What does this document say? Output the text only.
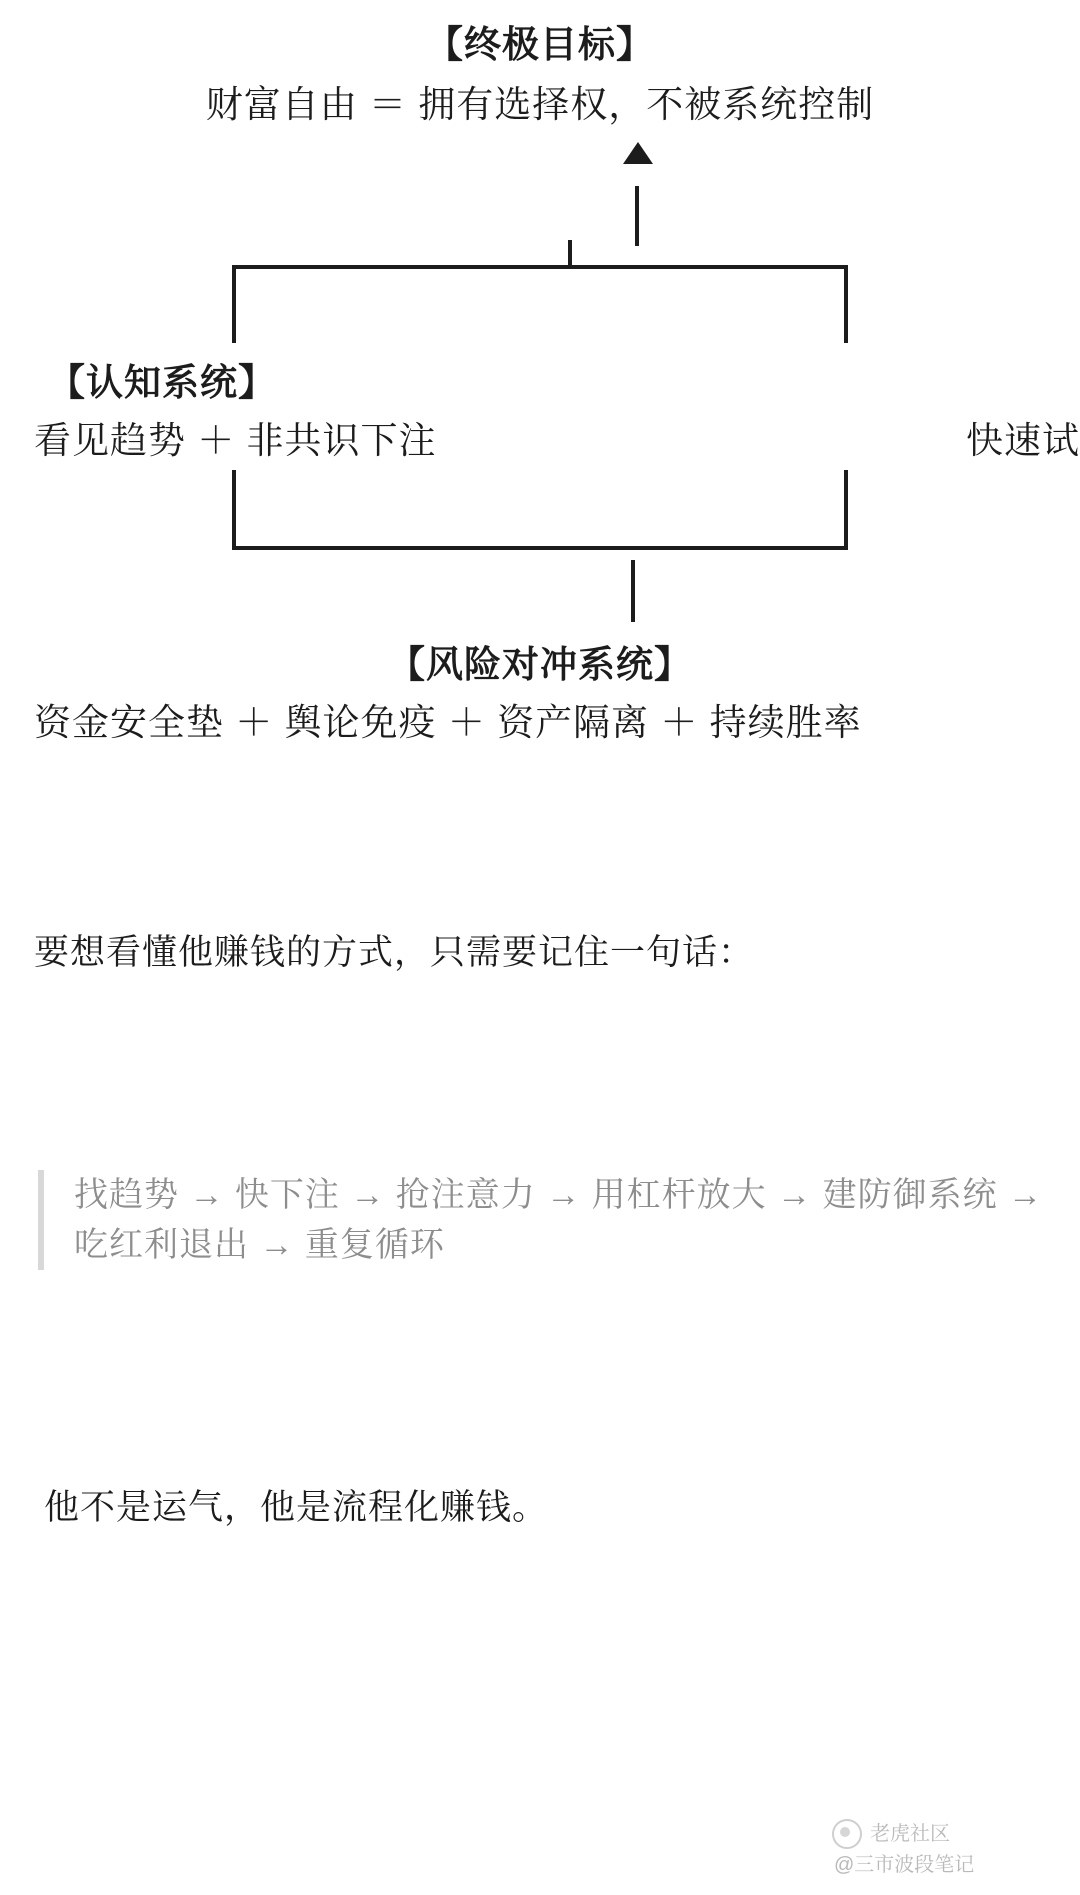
【终极目标】
财富自由 ＝ 拥有选择权，不被系统控制
【认知系统】
看见趋势 ＋ 非共识下注	快速试
【风险对冲系统】
资金安全垫 ＋ 舆论免疫 ＋ 资产隔离 ＋ 持续胜率
要想看懂他赚钱的方式，只需要记住一句话：
找趋势 → 快下注 → 抢注意力 → 用杠杆放大 → 建防御系统 → 吃红利退出 → 重复循环
他不是运气，他是流程化赚钱。
老虎社区
@三市波段笔记
